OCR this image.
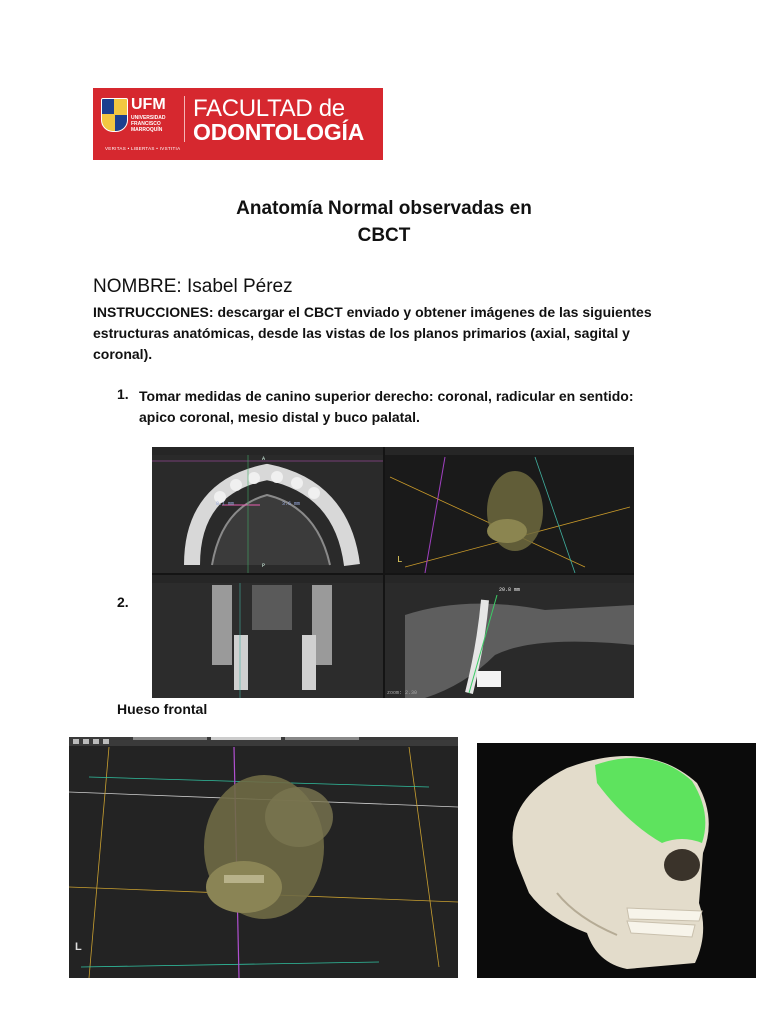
UFM
UNIVERSIDAD
FRANCISCO
MARROQUÍN
FACULTAD de
ODONTOLOGÍA
VERITAS • LIBERTAS • IVSTITIA
Anatomía Normal observadas en
CBCT
NOMBRE: Isabel Pérez
INSTRUCCIONES: descargar el CBCT enviado y obtener imágenes de las siguientes estructuras anatómicas, desde las vistas de los planos primarios (axial, sagital y coronal).
1. Tomar medidas de canino superior derecho: coronal, radicular en sentido: apico coronal, mesio distal y buco palatal.
2.
8.1 mm	3.6 mm
A
P
L
20.8 mm
zoom: 2.30
Hueso frontal
L
